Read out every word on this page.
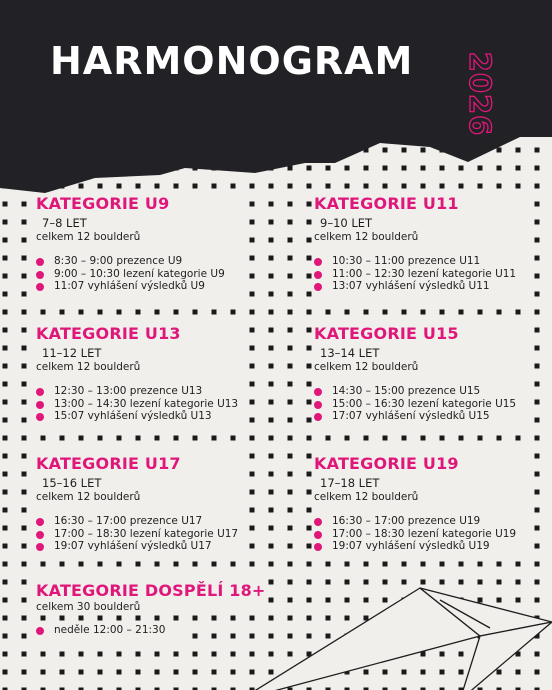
HARMONOGRAM 2026
KATEGORIE U9
7–8 LET
celkem 12 boulderů
8:30 – 9:00 prezence U9
9:00 – 10:30 lezení kategorie U9
11:07 vyhlášení výsledků U9
KATEGORIE U11
9–10 LET
celkem 12 boulderů
10:30 – 11:00 prezence U11
11:00 – 12:30 lezení kategorie U11
13:07 vyhlášení výsledků U11
KATEGORIE U13
11–12 LET
celkem 12 boulderů
12:30 – 13:00 prezence U13
13:00 – 14:30 lezení kategorie U13
15:07 vyhlášení výsledků U13
KATEGORIE U15
13–14 LET
celkem 12 boulderů
14:30 – 15:00 prezence U15
15:00 – 16:30 lezení kategorie U15
17:07 vyhlášení výsledků U15
KATEGORIE U17
15–16 LET
celkem 12 boulderů
16:30 – 17:00 prezence U17
17:00 – 18:30 lezení kategorie U17
19:07 vyhlášení výsledků U17
KATEGORIE U19
17–18 LET
celkem 12 boulderů
16:30 – 17:00 prezence U19
17:00 – 18:30 lezení kategorie U19
19:07 vyhlášení výsledků U19
KATEGORIE DOSPĚLÍ 18+
celkem 30 boulderů
neděle 12:00 – 21:30
